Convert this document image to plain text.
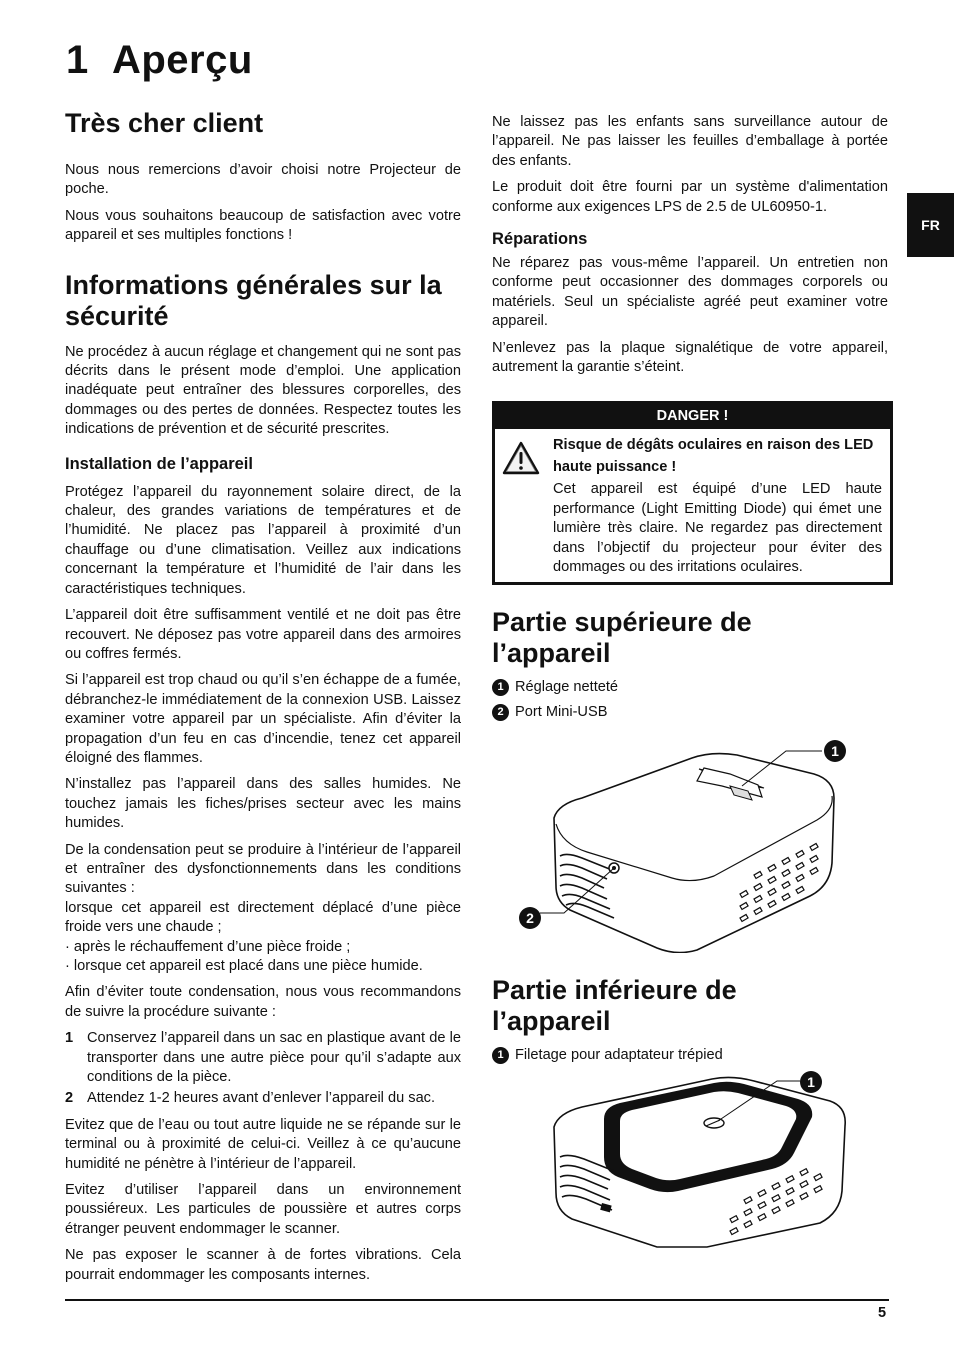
1 Aperçu
FR
Très cher client

Nous nous remercions d’avoir choisi notre Projecteur de poche.

Nous vous souhaitons beaucoup de satisfaction avec votre appareil et ses multiples fonctions !

Informations générales sur la sécurité

Ne procédez à aucun réglage et changement qui ne sont pas décrits dans le présent mode d’emploi. Une application inadéquate peut entraîner des blessures corporelles, des dommages ou des pertes de données. Respectez toutes les indications de prévention et de sécurité prescrites.

Installation de l’appareil

Protégez l’appareil du rayonnement solaire direct, de la chaleur, des grandes variations de températures et de l’humidité. Ne placez pas l’appareil à proximité d’un chauffage ou d’une climatisation. Veillez aux indications concernant la température et l’humidité de l’air dans les caractéristiques techniques.

L’appareil doit être suffisamment ventilé et ne doit pas être recouvert. Ne déposez pas votre appareil dans des armoires ou coffres fermés.

Si l’appareil est trop chaud ou qu’il s’en échappe de a fumée, débranchez-le immédiatement de la connexion USB. Laissez examiner votre appareil par un spécialiste. Afin d’éviter la propagation d’un feu en cas d’incendie, tenez cet appareil éloigné des flammes.

N’installez pas l’appareil dans des salles humides. Ne touchez jamais les fiches/prises secteur avec les mains humides.

De la condensation peut se produire à l’intérieur de l’appareil et entraîner des dysfonctionnements dans les conditions suivantes :
lorsque cet appareil est directement déplacé d’une pièce froide vers une chaude ;
· après le réchauffement d’une pièce froide ;
· lorsque cet appareil est placé dans une pièce humide.

Afin d’éviter toute condensation, nous vous recommandons de suivre la procédure suivante :

1 Conservez l’appareil dans un sac en plastique avant de le transporter dans une autre pièce pour qu’il s’adapte aux conditions de la pièce.
2 Attendez 1-2 heures avant d’enlever l’appareil du sac.

Evitez que de l’eau ou tout autre liquide ne se répande sur le terminal ou à proximité de celui-ci. Veillez à ce qu’aucune humidité ne pénètre à l’intérieur de l’appareil.

Evitez d’utiliser l’appareil dans un environnement poussiéreux. Les particules de poussière et autres corps étranger peuvent endommager le scanner.

Ne pas exposer le scanner à de fortes vibrations. Cela pourrait endommager les composants internes.

Ne laissez pas les enfants sans surveillance autour de l’appareil. Ne pas laisser les feuilles d’emballage à portée des enfants.

Le produit doit être fourni par un système d'alimentation conforme aux exigences LPS de 2.5 de UL60950-1.

Réparations

Ne réparez pas vous-même l’appareil. Un entretien non conforme peut occasionner des dommages corporels ou matériels. Seul un spécialiste agréé peut examiner votre appareil.

N’enlevez pas la plaque signalétique de votre appareil, autrement la garantie s’éteint.

DANGER !

Risque de dégâts oculaires en raison des LED haute puissance !

Cet appareil est équipé d’une LED haute performance (Light Emitting Diode) qui émet une lumière très claire. Ne regardez pas directement dans l’objectif du projecteur pour éviter des dommages ou des irritations oculaires.

Partie supérieure de l’appareil
1 Réglage netteté
2 Port Mini-USB
1
2
Partie inférieure de l’appareil
1 Filetage pour adaptateur trépied
1
5
